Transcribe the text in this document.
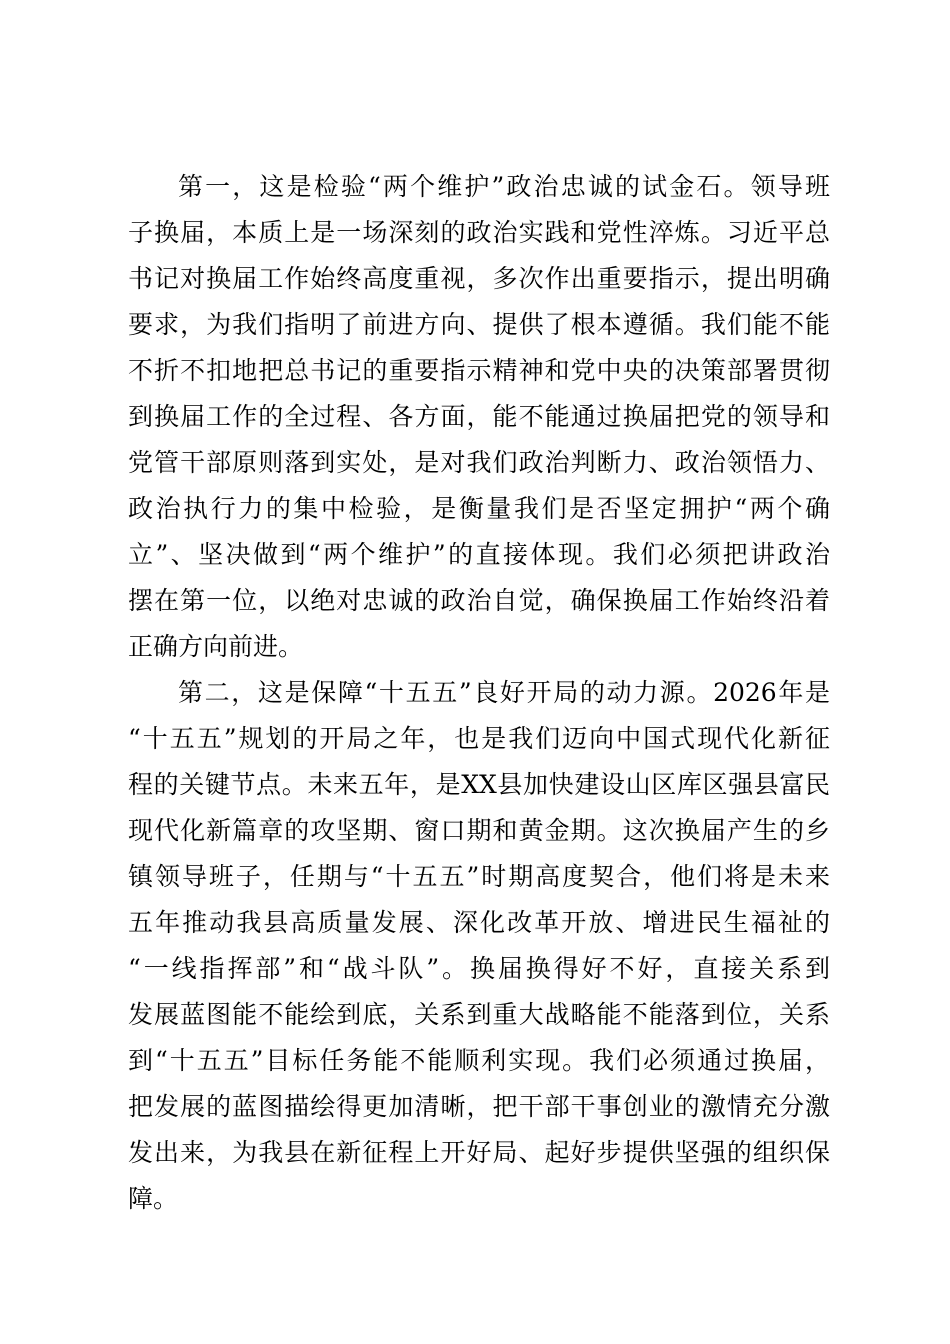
第一，这是检验“两个维护”政治忠诚的试金石。领导班
子换届，本质上是一场深刻的政治实践和党性淬炼。习近平总
书记对换届工作始终高度重视，多次作出重要指示，提出明确
要求，为我们指明了前进方向、提供了根本遵循。我们能不能
不折不扣地把总书记的重要指示精神和党中央的决策部署贯彻
到换届工作的全过程、各方面，能不能通过换届把党的领导和
党管干部原则落到实处，是对我们政治判断力、政治领悟力、
政治执行力的集中检验，是衡量我们是否坚定拥护“两个确
立”、坚决做到“两个维护”的直接体现。我们必须把讲政治
摆在第一位，以绝对忠诚的政治自觉，确保换届工作始终沿着
正确方向前进。
第二，这是保障“十五五”良好开局的动力源。2026年是
“十五五”规划的开局之年，也是我们迈向中国式现代化新征
程的关键节点。未来五年，是XX县加快建设山区库区强县富民
现代化新篇章的攻坚期、窗口期和黄金期。这次换届产生的乡
镇领导班子，任期与“十五五”时期高度契合，他们将是未来
五年推动我县高质量发展、深化改革开放、增进民生福祉的
“一线指挥部”和“战斗队”。换届换得好不好，直接关系到
发展蓝图能不能绘到底，关系到重大战略能不能落到位，关系
到“十五五”目标任务能不能顺利实现。我们必须通过换届，
把发展的蓝图描绘得更加清晰，把干部干事创业的激情充分激
发出来，为我县在新征程上开好局、起好步提供坚强的组织保
障。
